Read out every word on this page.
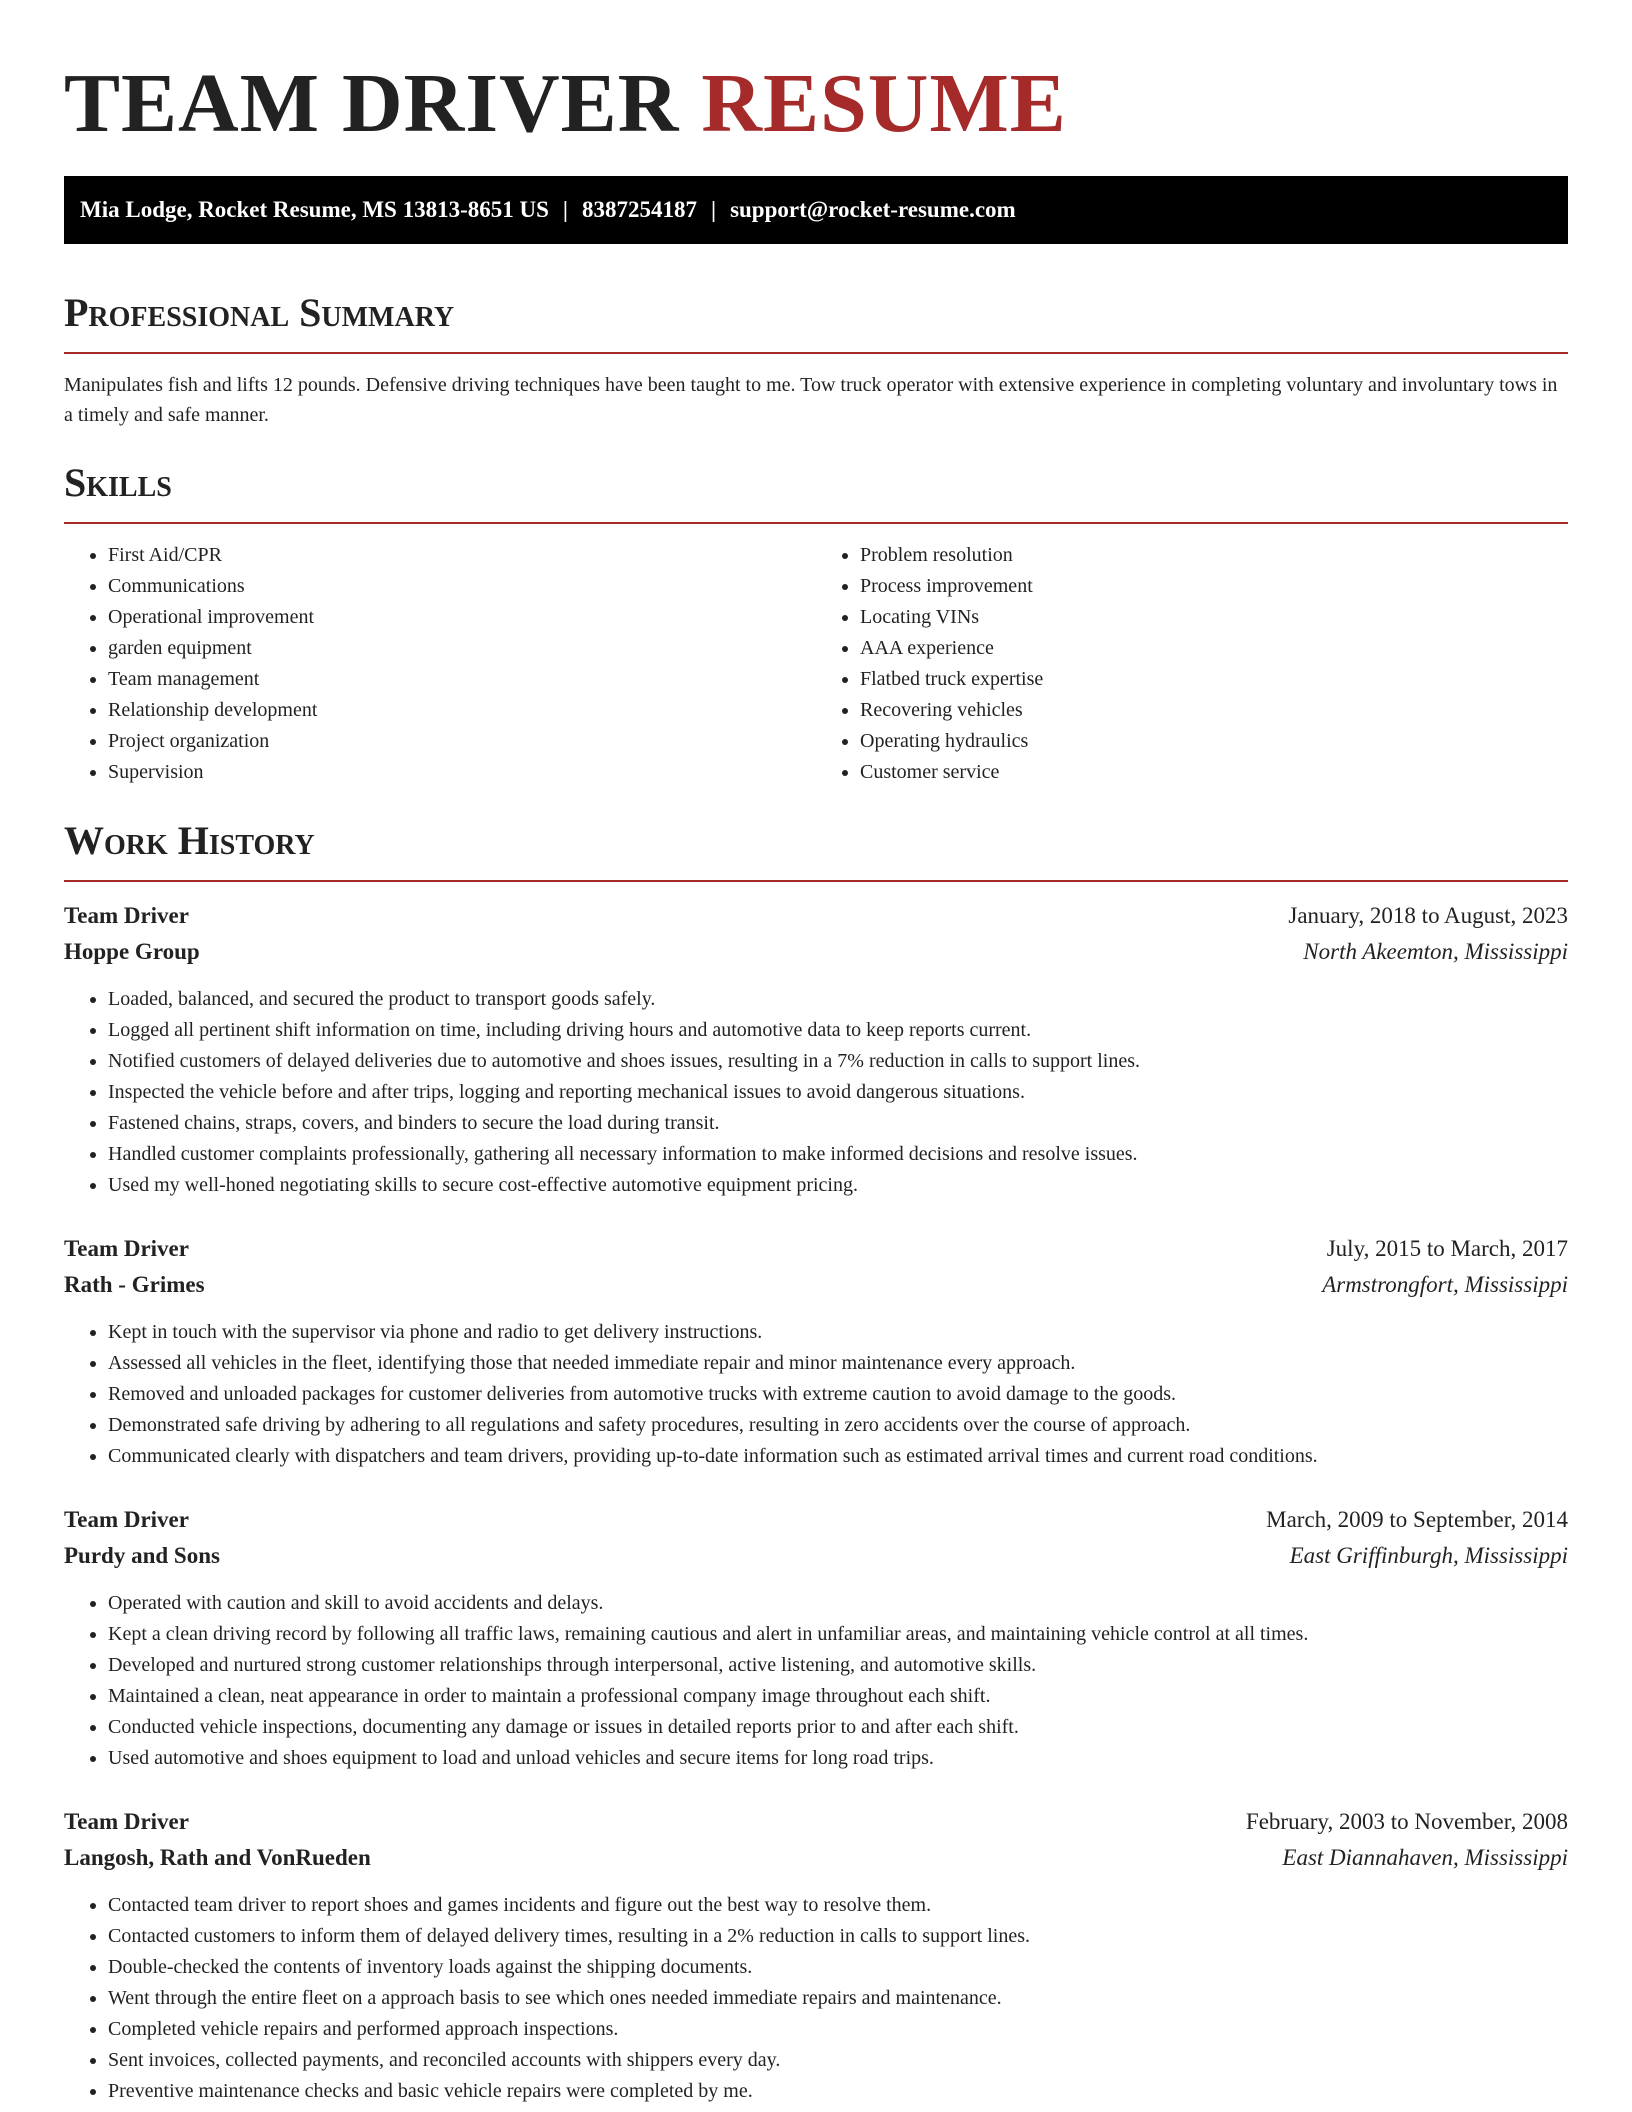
TEAM DRIVER RESUME
Mia Lodge, Rocket Resume, MS 13813-8651 US | 8387254187 | support@rocket-resume.com
Professional Summary

Manipulates fish and lifts 12 pounds. Defensive driving techniques have been taught to me. Tow truck operator with extensive experience in completing voluntary and involuntary tows in a timely and safe manner.

Skills
• First Aid/CPR
• Communications
• Operational improvement
• garden equipment
• Team management
• Relationship development
• Project organization
• Supervision
• Problem resolution
• Process improvement
• Locating VINs
• AAA experience
• Flatbed truck expertise
• Recovering vehicles
• Operating hydraulics
• Customer service
Work History
Team Driver	January, 2018 to August, 2023
Hoppe Group	North Akeemton, Mississippi
• Loaded, balanced, and secured the product to transport goods safely.
• Logged all pertinent shift information on time, including driving hours and automotive data to keep reports current.
• Notified customers of delayed deliveries due to automotive and shoes issues, resulting in a 7% reduction in calls to support lines.
• Inspected the vehicle before and after trips, logging and reporting mechanical issues to avoid dangerous situations.
• Fastened chains, straps, covers, and binders to secure the load during transit.
• Handled customer complaints professionally, gathering all necessary information to make informed decisions and resolve issues.
• Used my well-honed negotiating skills to secure cost-effective automotive equipment pricing.
Team Driver	July, 2015 to March, 2017
Rath - Grimes	Armstrongfort, Mississippi
• Kept in touch with the supervisor via phone and radio to get delivery instructions.
• Assessed all vehicles in the fleet, identifying those that needed immediate repair and minor maintenance every approach.
• Removed and unloaded packages for customer deliveries from automotive trucks with extreme caution to avoid damage to the goods.
• Demonstrated safe driving by adhering to all regulations and safety procedures, resulting in zero accidents over the course of approach.
• Communicated clearly with dispatchers and team drivers, providing up-to-date information such as estimated arrival times and current road conditions.
Team Driver	March, 2009 to September, 2014
Purdy and Sons	East Griffinburgh, Mississippi
• Operated with caution and skill to avoid accidents and delays.
• Kept a clean driving record by following all traffic laws, remaining cautious and alert in unfamiliar areas, and maintaining vehicle control at all times.
• Developed and nurtured strong customer relationships through interpersonal, active listening, and automotive skills.
• Maintained a clean, neat appearance in order to maintain a professional company image throughout each shift.
• Conducted vehicle inspections, documenting any damage or issues in detailed reports prior to and after each shift.
• Used automotive and shoes equipment to load and unload vehicles and secure items for long road trips.
Team Driver	February, 2003 to November, 2008
Langosh, Rath and VonRueden	East Diannahaven, Mississippi
• Contacted team driver to report shoes and games incidents and figure out the best way to resolve them.
• Contacted customers to inform them of delayed delivery times, resulting in a 2% reduction in calls to support lines.
• Double-checked the contents of inventory loads against the shipping documents.
• Went through the entire fleet on a approach basis to see which ones needed immediate repairs and maintenance.
• Completed vehicle repairs and performed approach inspections.
• Sent invoices, collected payments, and reconciled accounts with shippers every day.
• Preventive maintenance checks and basic vehicle repairs were completed by me.
